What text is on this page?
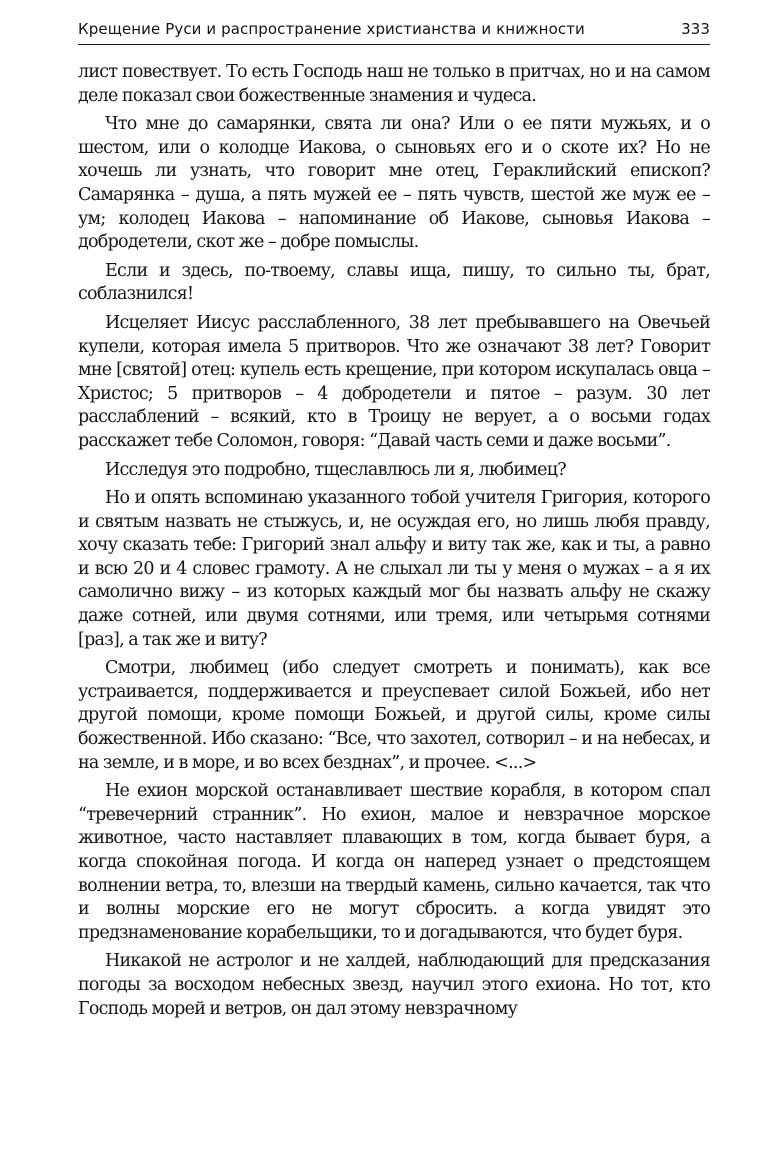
Крещение Руси и распространение христианства и книжности	333

лист повествует. То есть Господь наш не только в притчах, но и на самом деле показал свои божественные знамения и чудеса.

Что мне до самарянки, свята ли она? Или о ее пяти мужьях, и о шестом, или о колодце Иакова, о сыновьях его и о скоте их? Но не хочешь ли узнать, что говорит мне отец, Гераклийский епископ? Самарянка – душа, а пять мужей ее – пять чувств, шестой же муж ее – ум; колодец Иакова – напоминание об Иакове, сыновья Иакова – добродетели, скот же – добре помыслы.

Если и здесь, по-твоему, славы ища, пишу, то сильно ты, брат, соблазнился!

Исцеляет Иисус расслабленного, 38 лет пребывавшего на Овечьей купели, которая имела 5 притворов. Что же означают 38 лет? Говорит мне [святой] отец: купель есть крещение, при котором искупалась овца – Христос; 5 притворов – 4 добродетели и пятое – разум. 30 лет расслаблений – всякий, кто в Троицу не верует, а о восьми годах расскажет тебе Соломон, говоря: “Давай часть семи и даже восьми”.

Исследуя это подробно, тщеславлюсь ли я, любимец?

Но и опять вспоминаю указанного тобой учителя Григория, которого и святым назвать не стыжусь, и, не осуждая его, но лишь любя правду, хочу сказать тебе: Григорий знал альфу и виту так же, как и ты, а равно и всю 20 и 4 словес грамоту. А не слыхал ли ты у меня о мужах – а я их самолично вижу – из которых каждый мог бы назвать альфу не скажу даже сотней, или двумя сотнями, или тремя, или четырьмя сотнями [раз], а так же и виту?

Смотри, любимец (ибо следует смотреть и понимать), как все устраивается, поддерживается и преуспевает силой Божьей, ибо нет другой помощи, кроме помощи Божьей, и другой силы, кроме силы божественной. Ибо сказано: “Все, что захотел, сотворил – и на небесах, и на земле, и в море, и во всех безднах”, и прочее. <...>

Не ехион морской останавливает шествие корабля, в котором спал “тревечерний странник”. Но ехион, малое и невзрачное морское животное, часто наставляет плавающих в том, когда бывает буря, а когда спокойная погода. И когда он наперед узнает о предстоящем волнении ветра, то, влезши на твердый камень, сильно качается, так что и волны морские его не могут сбросить. а когда увидят это предзнаменование корабельщики, то и догадываются, что будет буря.

Никакой не астролог и не халдей, наблюдающий для предсказания погоды за восходом небесных звезд, научил этого ехиона. Но тот, кто Господь морей и ветров, он дал этому невзрачному
